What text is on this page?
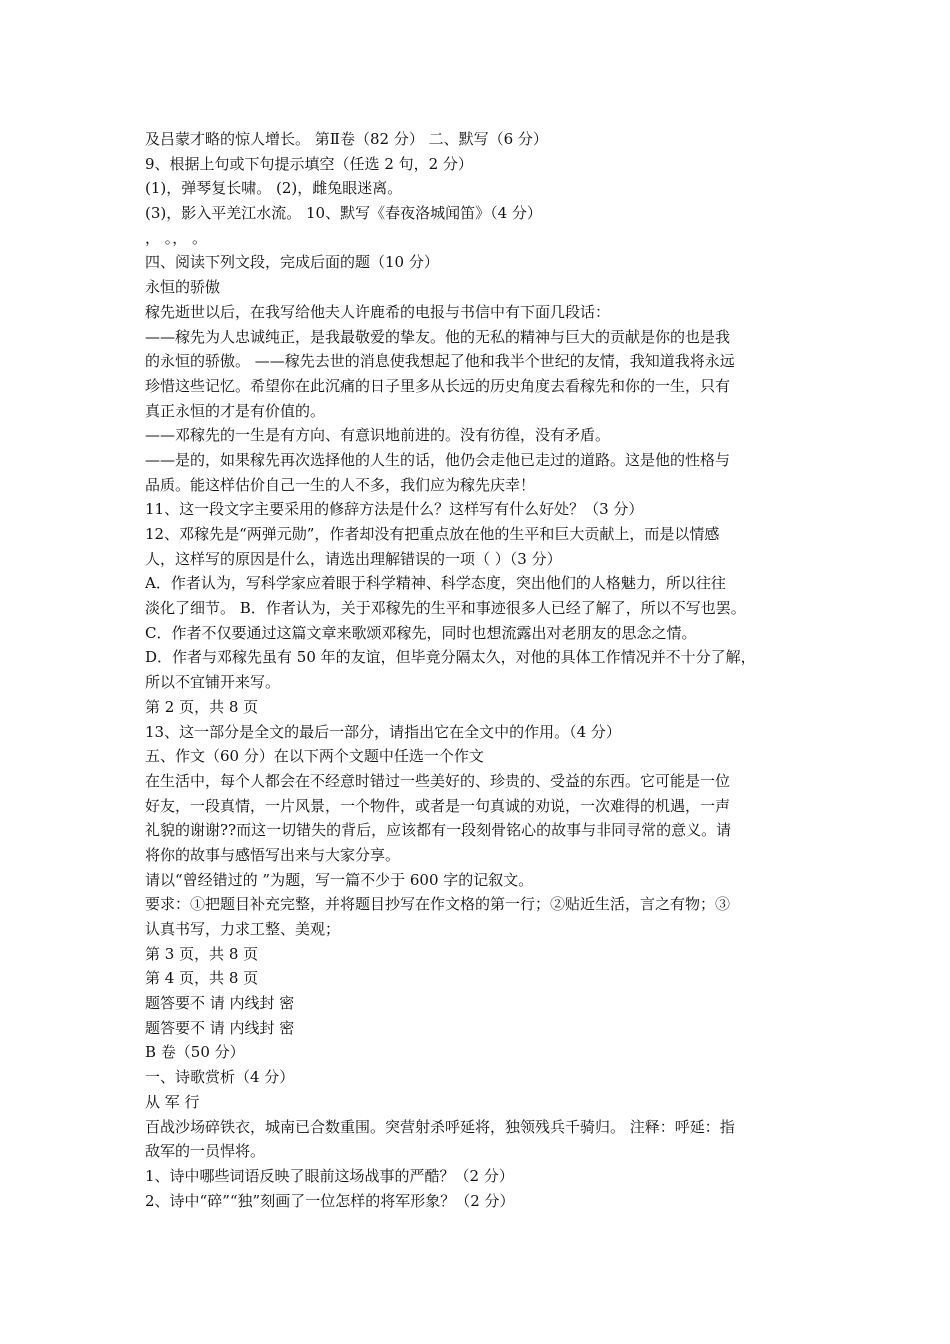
及吕蒙才略的惊人增长。 第Ⅱ卷（82 分） 二、默写（6 分）
9、根据上句或下句提示填空（任选 2 句，2 分）
(1)，弹琴复长啸。 (2)，雌兔眼迷离。
(3)，影入平羌江水流。 10、默写《春夜洛城闻笛》（4 分）
， 。， 。
四、阅读下列文段，完成后面的题（10 分）
永恒的骄傲
稼先逝世以后，在我写给他夫人许鹿希的电报与书信中有下面几段话：
——稼先为人忠诚纯正，是我最敬爱的挚友。他的无私的精神与巨大的贡献是你的也是我
的永恒的骄傲。 ——稼先去世的消息使我想起了他和我半个世纪的友情，我知道我将永远
珍惜这些记忆。希望你在此沉痛的日子里多从长远的历史角度去看稼先和你的一生，只有
真正永恒的才是有价值的。
——邓稼先的一生是有方向、有意识地前进的。没有彷徨，没有矛盾。
——是的，如果稼先再次选择他的人生的话，他仍会走他已走过的道路。这是他的性格与
品质。能这样估价自己一生的人不多，我们应为稼先庆幸！
11、这一段文字主要采用的修辞方法是什么？这样写有什么好处？（3 分）
12、邓稼先是“两弹元勋”，作者却没有把重点放在他的生平和巨大贡献上，而是以情感
人，这样写的原因是什么，请选出理解错误的一项（ ）（3 分）
A．作者认为，写科学家应着眼于科学精神、科学态度，突出他们的人格魅力，所以往往
淡化了细节。 B．作者认为，关于邓稼先的生平和事迹很多人已经了解了，所以不写也罢。
C．作者不仅要通过这篇文章来歌颂邓稼先，同时也想流露出对老朋友的思念之情。
D．作者与邓稼先虽有 50 年的友谊，但毕竟分隔太久，对他的具体工作情况并不十分了解，
所以不宜铺开来写。
第 2 页，共 8 页
13、这一部分是全文的最后一部分，请指出它在全文中的作用。（4 分）
五、作文（60 分）在以下两个文题中任选一个作文
在生活中，每个人都会在不经意时错过一些美好的、珍贵的、受益的东西。它可能是一位
好友，一段真情，一片风景，一个物件，或者是一句真诚的劝说，一次难得的机遇，一声
礼貌的谢谢??而这一切错失的背后，应该都有一段刻骨铭心的故事与非同寻常的意义。请
将你的故事与感悟写出来与大家分享。
请以“曾经错过的 ”为题，写一篇不少于 600 字的记叙文。
要求：①把题目补充完整，并将题目抄写在作文格的第一行；②贴近生活，言之有物；③
认真书写，力求工整、美观；
第 3 页，共 8 页
第 4 页，共 8 页
题答要不 请 内线封 密
题答要不 请 内线封 密
B 卷（50 分）
一、诗歌赏析（4 分）
从 军 行
百战沙场碎铁衣，城南已合数重围。突营射杀呼延将，独领残兵千骑归。 注释：呼延：指
敌军的一员悍将。
1、诗中哪些词语反映了眼前这场战事的严酷？（2 分）
2、诗中“碎”“独”刻画了一位怎样的将军形象？（2 分）
